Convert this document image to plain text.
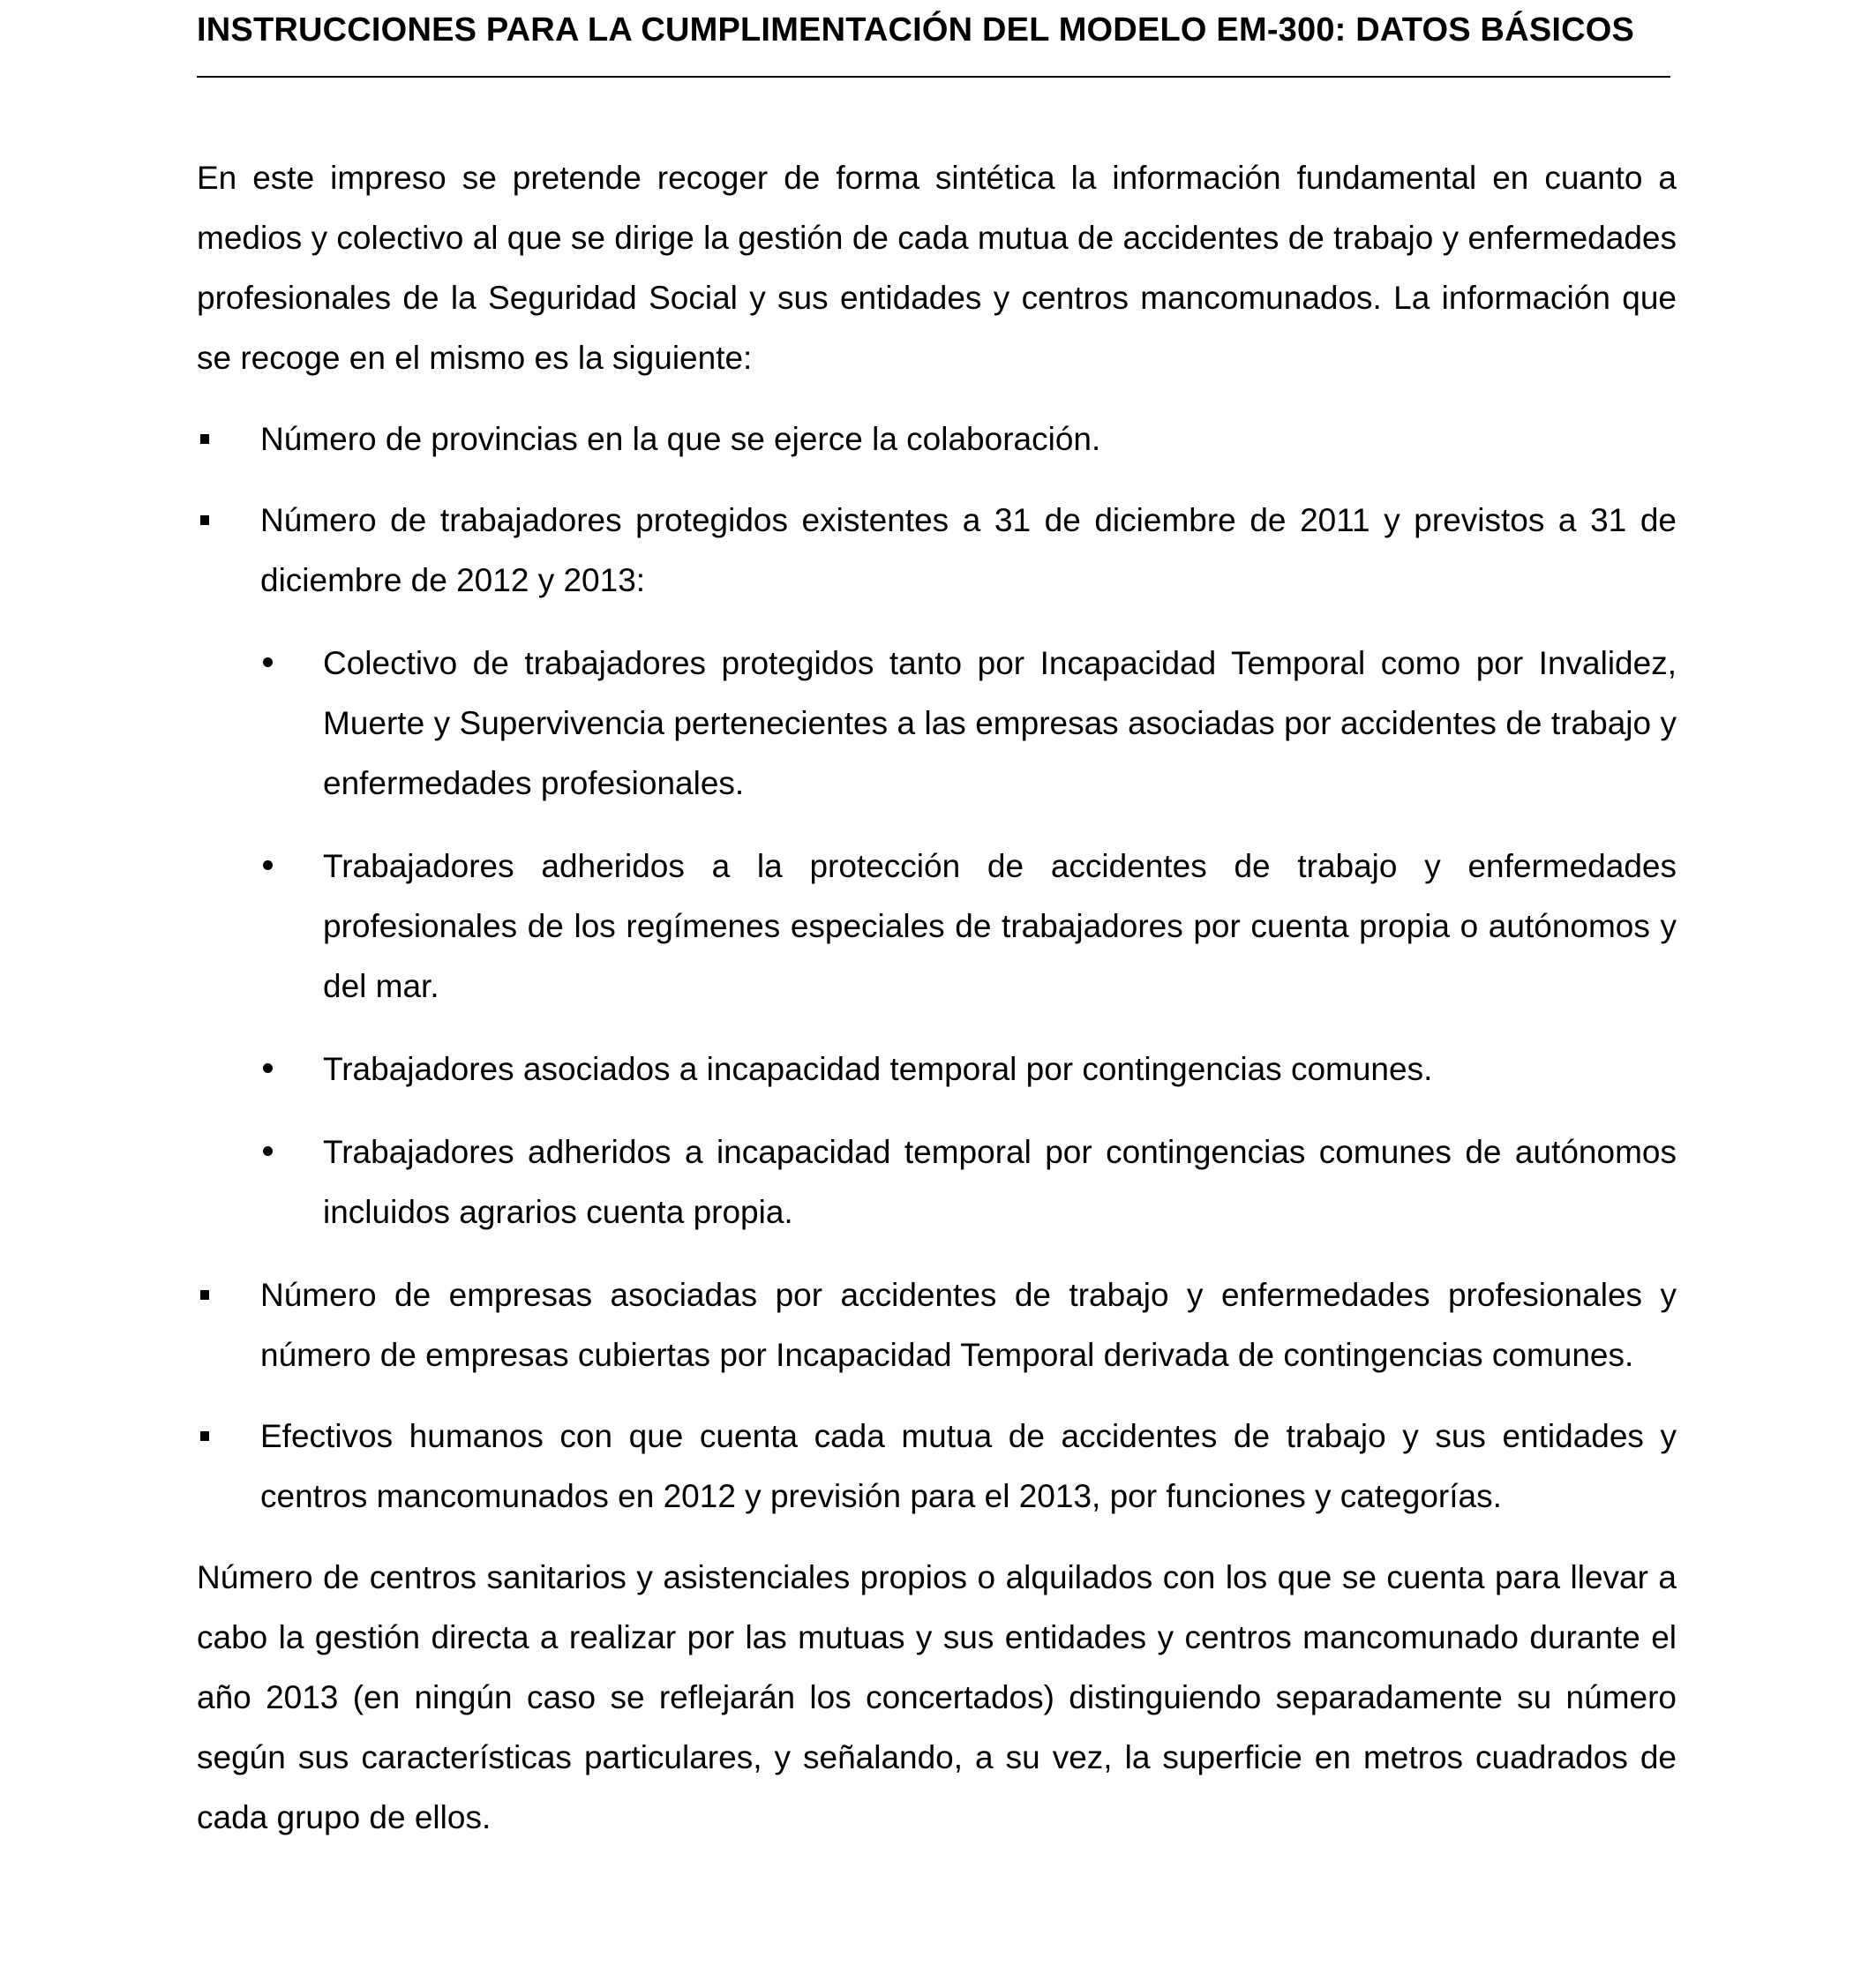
INSTRUCCIONES PARA LA CUMPLIMENTACIÓN DEL MODELO EM-300: DATOS BÁSICOS

En este impreso se pretende recoger de forma sintética la información fundamental en cuanto a medios y colectivo al que se dirige la gestión de cada mutua de accidentes de trabajo y enfermedades profesionales de la Seguridad Social y sus entidades y centros mancomunados. La información que se recoge en el mismo es la siguiente:

Número de provincias en la que se ejerce la colaboración.

Número de trabajadores protegidos existentes a 31 de diciembre de 2011 y previstos a 31 de diciembre de 2012 y 2013:

Colectivo de trabajadores protegidos tanto por Incapacidad Temporal como por Invalidez, Muerte y Supervivencia pertenecientes a las empresas asociadas por accidentes de trabajo y enfermedades profesionales.

Trabajadores adheridos a la protección de accidentes de trabajo y enfermedades profesionales de los regímenes especiales de trabajadores por cuenta propia o autónomos y del mar.

Trabajadores asociados a incapacidad temporal por contingencias comunes.

Trabajadores adheridos a incapacidad temporal por contingencias comunes de autónomos incluidos agrarios cuenta propia.

Número de empresas asociadas por accidentes de trabajo y enfermedades profesionales y número de empresas cubiertas por Incapacidad Temporal derivada de contingencias comunes.

Efectivos humanos con que cuenta cada mutua de accidentes de trabajo y sus entidades y centros mancomunados en 2012 y previsión para el 2013, por funciones y categorías.

Número de centros sanitarios y asistenciales propios o alquilados con los que se cuenta para llevar a cabo la gestión directa a realizar por las mutuas y sus entidades y centros mancomunado durante el año 2013 (en ningún caso se reflejarán los concertados) distinguiendo separadamente su número según sus características particulares, y señalando, a su vez, la superficie en metros cuadrados de cada grupo de ellos.
